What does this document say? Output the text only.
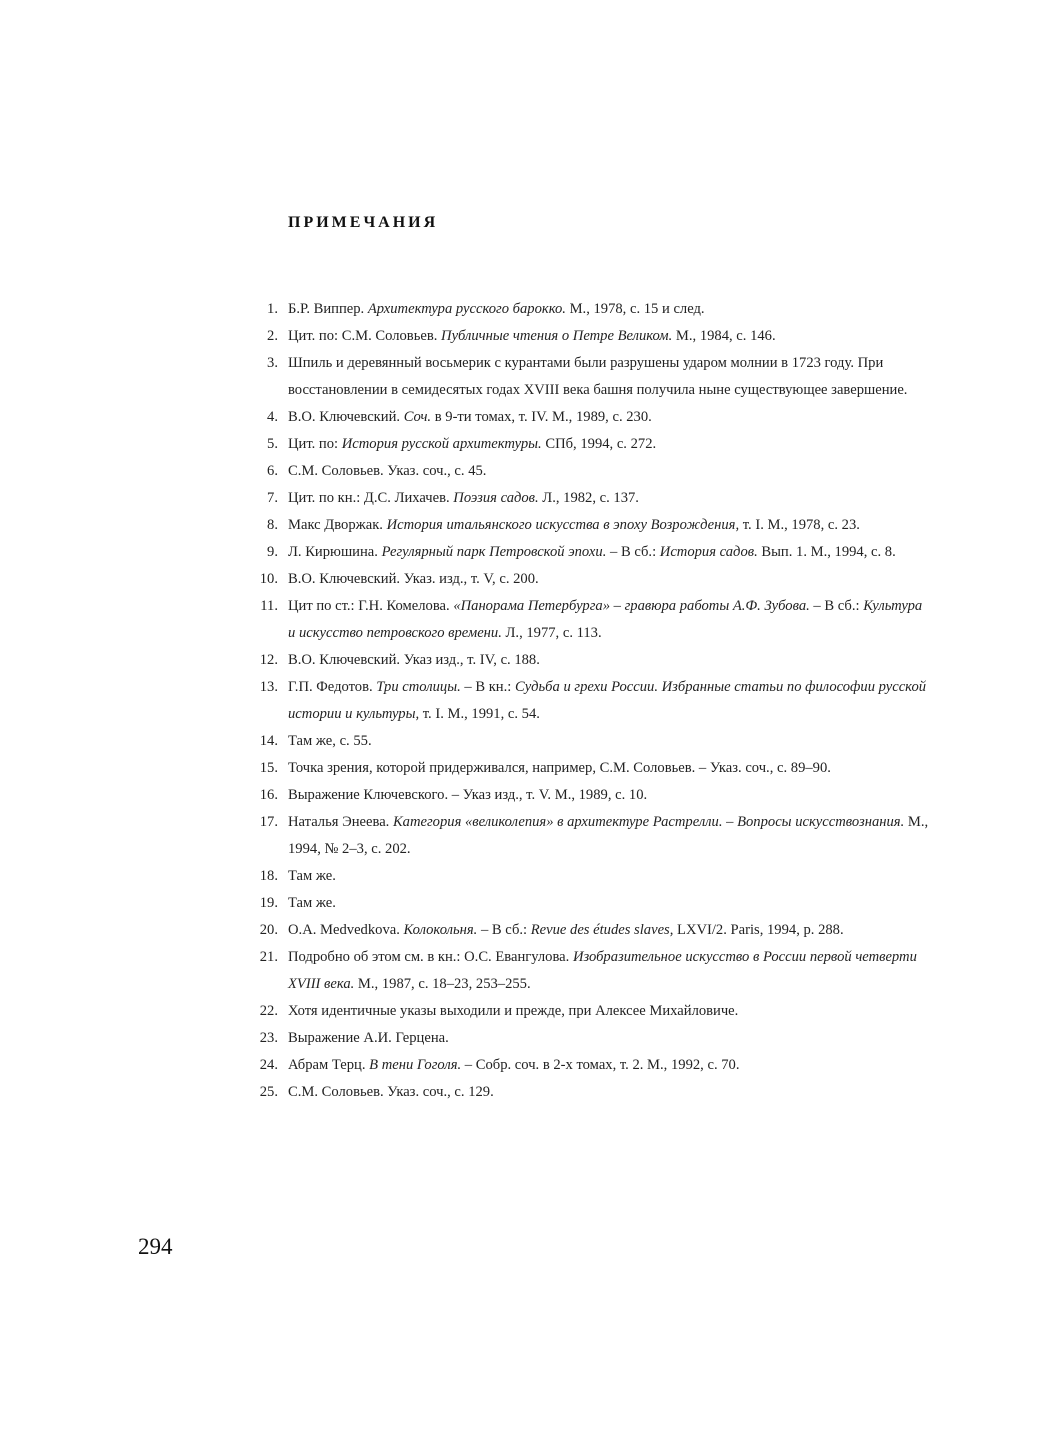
ПРИМЕЧАНИЯ
1. Б.Р. Виппер. Архитектура русского барокко. М., 1978, с. 15 и след.
2. Цит. по: С.М. Соловьев. Публичные чтения о Петре Великом. М., 1984, с. 146.
3. Шпиль и деревянный восьмерик с курантами были разрушены ударом молнии в 1723 году. При восстановлении в семидесятых годах XVIII века башня получила ныне существующее завершение.
4. В.О. Ключевский. Соч. в 9-ти томах, т. IV. М., 1989, с. 230.
5. Цит. по: История русской архитектуры. СПб, 1994, с. 272.
6. С.М. Соловьев. Указ. соч., с. 45.
7. Цит. по кн.: Д.С. Лихачев. Поэзия садов. Л., 1982, с. 137.
8. Макс Дворжак. История итальянского искусства в эпоху Возрождения, т. I. М., 1978, с. 23.
9. Л. Кирюшина. Регулярный парк Петровской эпохи. – В сб.: История садов. Вып. 1. М., 1994, с. 8.
10. В.О. Ключевский. Указ. изд., т. V, с. 200.
11. Цит по ст.: Г.Н. Комелова. «Панорама Петербурга» – гравюра работы А.Ф. Зубова. – В сб.: Культура и искусство петровского времени. Л., 1977, с. 113.
12. В.О. Ключевский. Указ изд., т. IV, с. 188.
13. Г.П. Федотов. Три столицы. – В кн.: Судьба и грехи России. Избранные статьи по философии русской истории и культуры, т. I. М., 1991, с. 54.
14. Там же, с. 55.
15. Точка зрения, которой придерживался, например, С.М. Соловьев. – Указ. соч., с. 89–90.
16. Выражение Ключевского. – Указ изд., т. V. М., 1989, с. 10.
17. Наталья Энеева. Категория «великолепия» в архитектуре Растрелли. – Вопросы искусствознания. М., 1994, № 2–3, с. 202.
18. Там же.
19. Там же.
20. O.A. Medvedkova. Колокольня. – В сб.: Revue des études slaves, LXVI/2. Paris, 1994, p. 288.
21. Подробно об этом см. в кн.: О.С. Евангулова. Изобразительное искусство в России первой четверти XVIII века. М., 1987, с. 18–23, 253–255.
22. Хотя идентичные указы выходили и прежде, при Алексее Михайловиче.
23. Выражение А.И. Герцена.
24. Абрам Терц. В тени Гоголя. – Собр. соч. в 2-х томах, т. 2. М., 1992, с. 70.
25. С.М. Соловьев. Указ. соч., с. 129.
294
